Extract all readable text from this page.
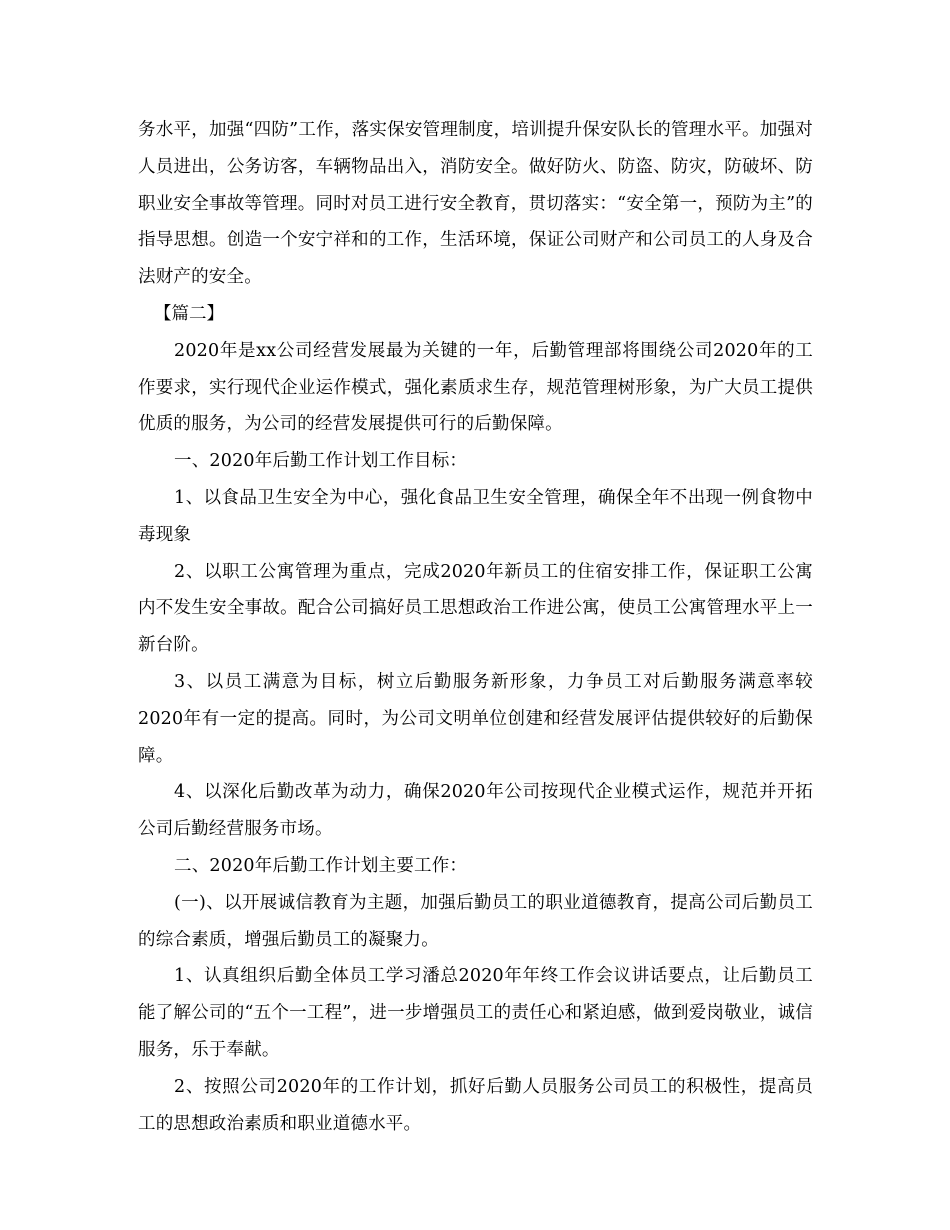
务水平，加强“四防”工作，落实保安管理制度，培训提升保安队长的管理水平。加强对人员进出，公务访客，车辆物品出入，消防安全。做好防火、防盗、防灾，防破坏、防职业安全事故等管理。同时对员工进行安全教育，贯切落实：“安全第一，预防为主”的指导思想。创造一个安宁祥和的工作，生活环境，保证公司财产和公司员工的人身及合法财产的安全。

【篇二】

2020年是xx公司经营发展最为关键的一年，后勤管理部将围绕公司2020年的工作要求，实行现代企业运作模式，强化素质求生存，规范管理树形象，为广大员工提供优质的服务，为公司的经营发展提供可行的后勤保障。

一、2020年后勤工作计划工作目标：

1、以食品卫生安全为中心，强化食品卫生安全管理，确保全年不出现一例食物中毒现象

2、以职工公寓管理为重点，完成2020年新员工的住宿安排工作，保证职工公寓内不发生安全事故。配合公司搞好员工思想政治工作进公寓，使员工公寓管理水平上一新台阶。

3、以员工满意为目标，树立后勤服务新形象，力争员工对后勤服务满意率较2020年有一定的提高。同时，为公司文明单位创建和经营发展评估提供较好的后勤保障。

4、以深化后勤改革为动力，确保2020年公司按现代企业模式运作，规范并开拓公司后勤经营服务市场。

二、2020年后勤工作计划主要工作：

(一)、以开展诚信教育为主题，加强后勤员工的职业道德教育，提高公司后勤员工的综合素质，增强后勤员工的凝聚力。

1、认真组织后勤全体员工学习潘总2020年年终工作会议讲话要点，让后勤员工能了解公司的“五个一工程”，进一步增强员工的责任心和紧迫感，做到爱岗敬业，诚信服务，乐于奉献。

2、按照公司2020年的工作计划，抓好后勤人员服务公司员工的积极性，提高员工的思想政治素质和职业道德水平。
